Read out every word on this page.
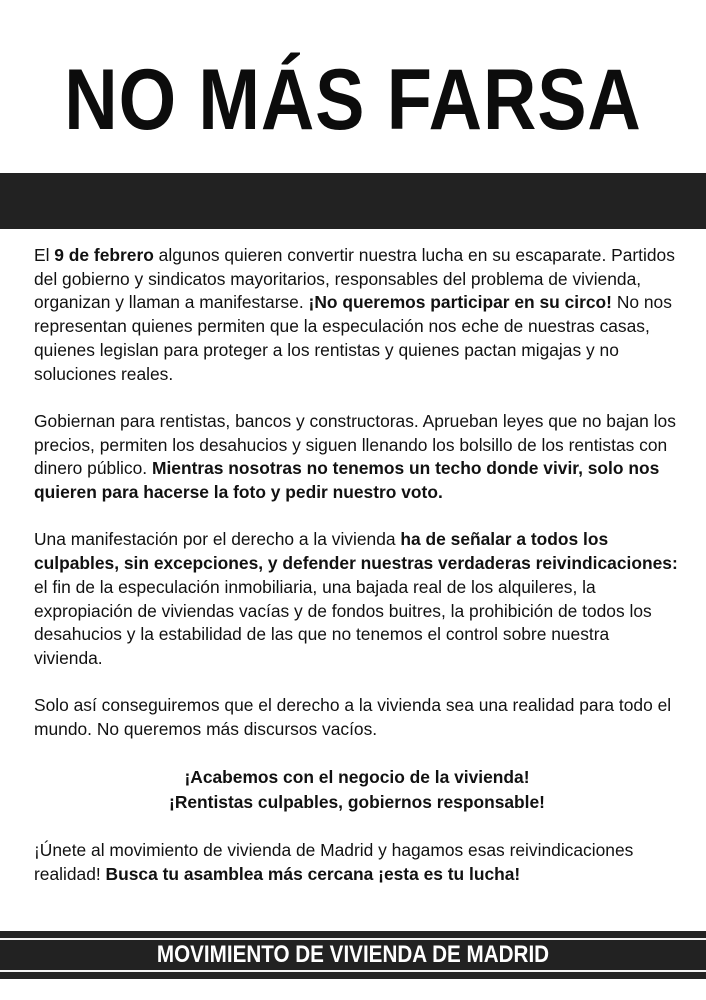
NO MÁS FARSA

El 9 de febrero algunos quieren convertir nuestra lucha en su escaparate. Partidos del gobierno y sindicatos mayoritarios, responsables del problema de vivienda, organizan y llaman a manifestarse. ¡No queremos participar en su circo! No nos representan quienes permiten que la especulación nos eche de nuestras casas, quienes legislan para proteger a los rentistas y quienes pactan migajas y no soluciones reales.

Gobiernan para rentistas, bancos y constructoras. Aprueban leyes que no bajan los precios, permiten los desahucios y siguen llenando los bolsillo de los rentistas con dinero público. Mientras nosotras no tenemos un techo donde vivir, solo nos quieren para hacerse la foto y pedir nuestro voto.

Una manifestación por el derecho a la vivienda ha de señalar a todos los culpables, sin excepciones, y defender nuestras verdaderas reivindicaciones: el fin de la especulación inmobiliaria, una bajada real de los alquileres, la expropiación de viviendas vacías y de fondos buitres, la prohibición de todos los desahucios y la estabilidad de las que no tenemos el control sobre nuestra vivienda.

Solo así conseguiremos que el derecho a la vivienda sea una realidad para todo el mundo. No queremos más discursos vacíos.

¡Acabemos con el negocio de la vivienda!
¡Rentistas culpables, gobiernos responsable!

¡Únete al movimiento de vivienda de Madrid y hagamos esas reivindicaciones realidad! Busca tu asamblea más cercana ¡esta es tu lucha!

MOVIMIENTO DE VIVIENDA DE MADRID
